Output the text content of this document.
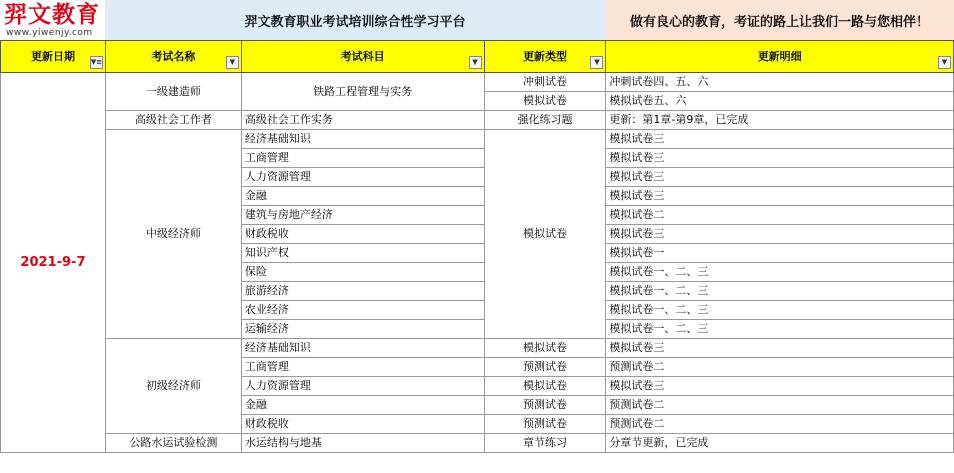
羿文教育
www.yiwenjy.com
羿文教育职业考试培训综合性学习平台	做有良心的教育，考证的路上让我们一路与您相伴！
更新日期 ▼≡	考试名称 ▼	考试科目 ▼	更新类型 ▼	更新明细 ▼

2021-9-7	一级建造师	铁路工程管理与实务	冲刺试卷	冲刺试卷四、五、六
			模拟试卷	模拟试卷五、六
	高级社会工作者	高级社会工作实务	强化练习题	更新：第1章-第9章，已完成
	中级经济师	经济基础知识	模拟试卷	模拟试卷三
		工商管理		模拟试卷三
		人力资源管理		模拟试卷三
		金融		模拟试卷三
		建筑与房地产经济		模拟试卷二
		财政税收		模拟试卷三
		知识产权		模拟试卷一
		保险		模拟试卷一、二、三
		旅游经济		模拟试卷一、二、三
		农业经济		模拟试卷一、二、三
		运输经济		模拟试卷一、二、三
	初级经济师	经济基础知识	模拟试卷	模拟试卷三
		工商管理	预测试卷	预测试卷二
		人力资源管理	模拟试卷	模拟试卷三
		金融	预测试卷	预测试卷二
		财政税收	预测试卷	预测试卷二
	公路水运试验检测	水运结构与地基	章节练习	分章节更新，已完成
